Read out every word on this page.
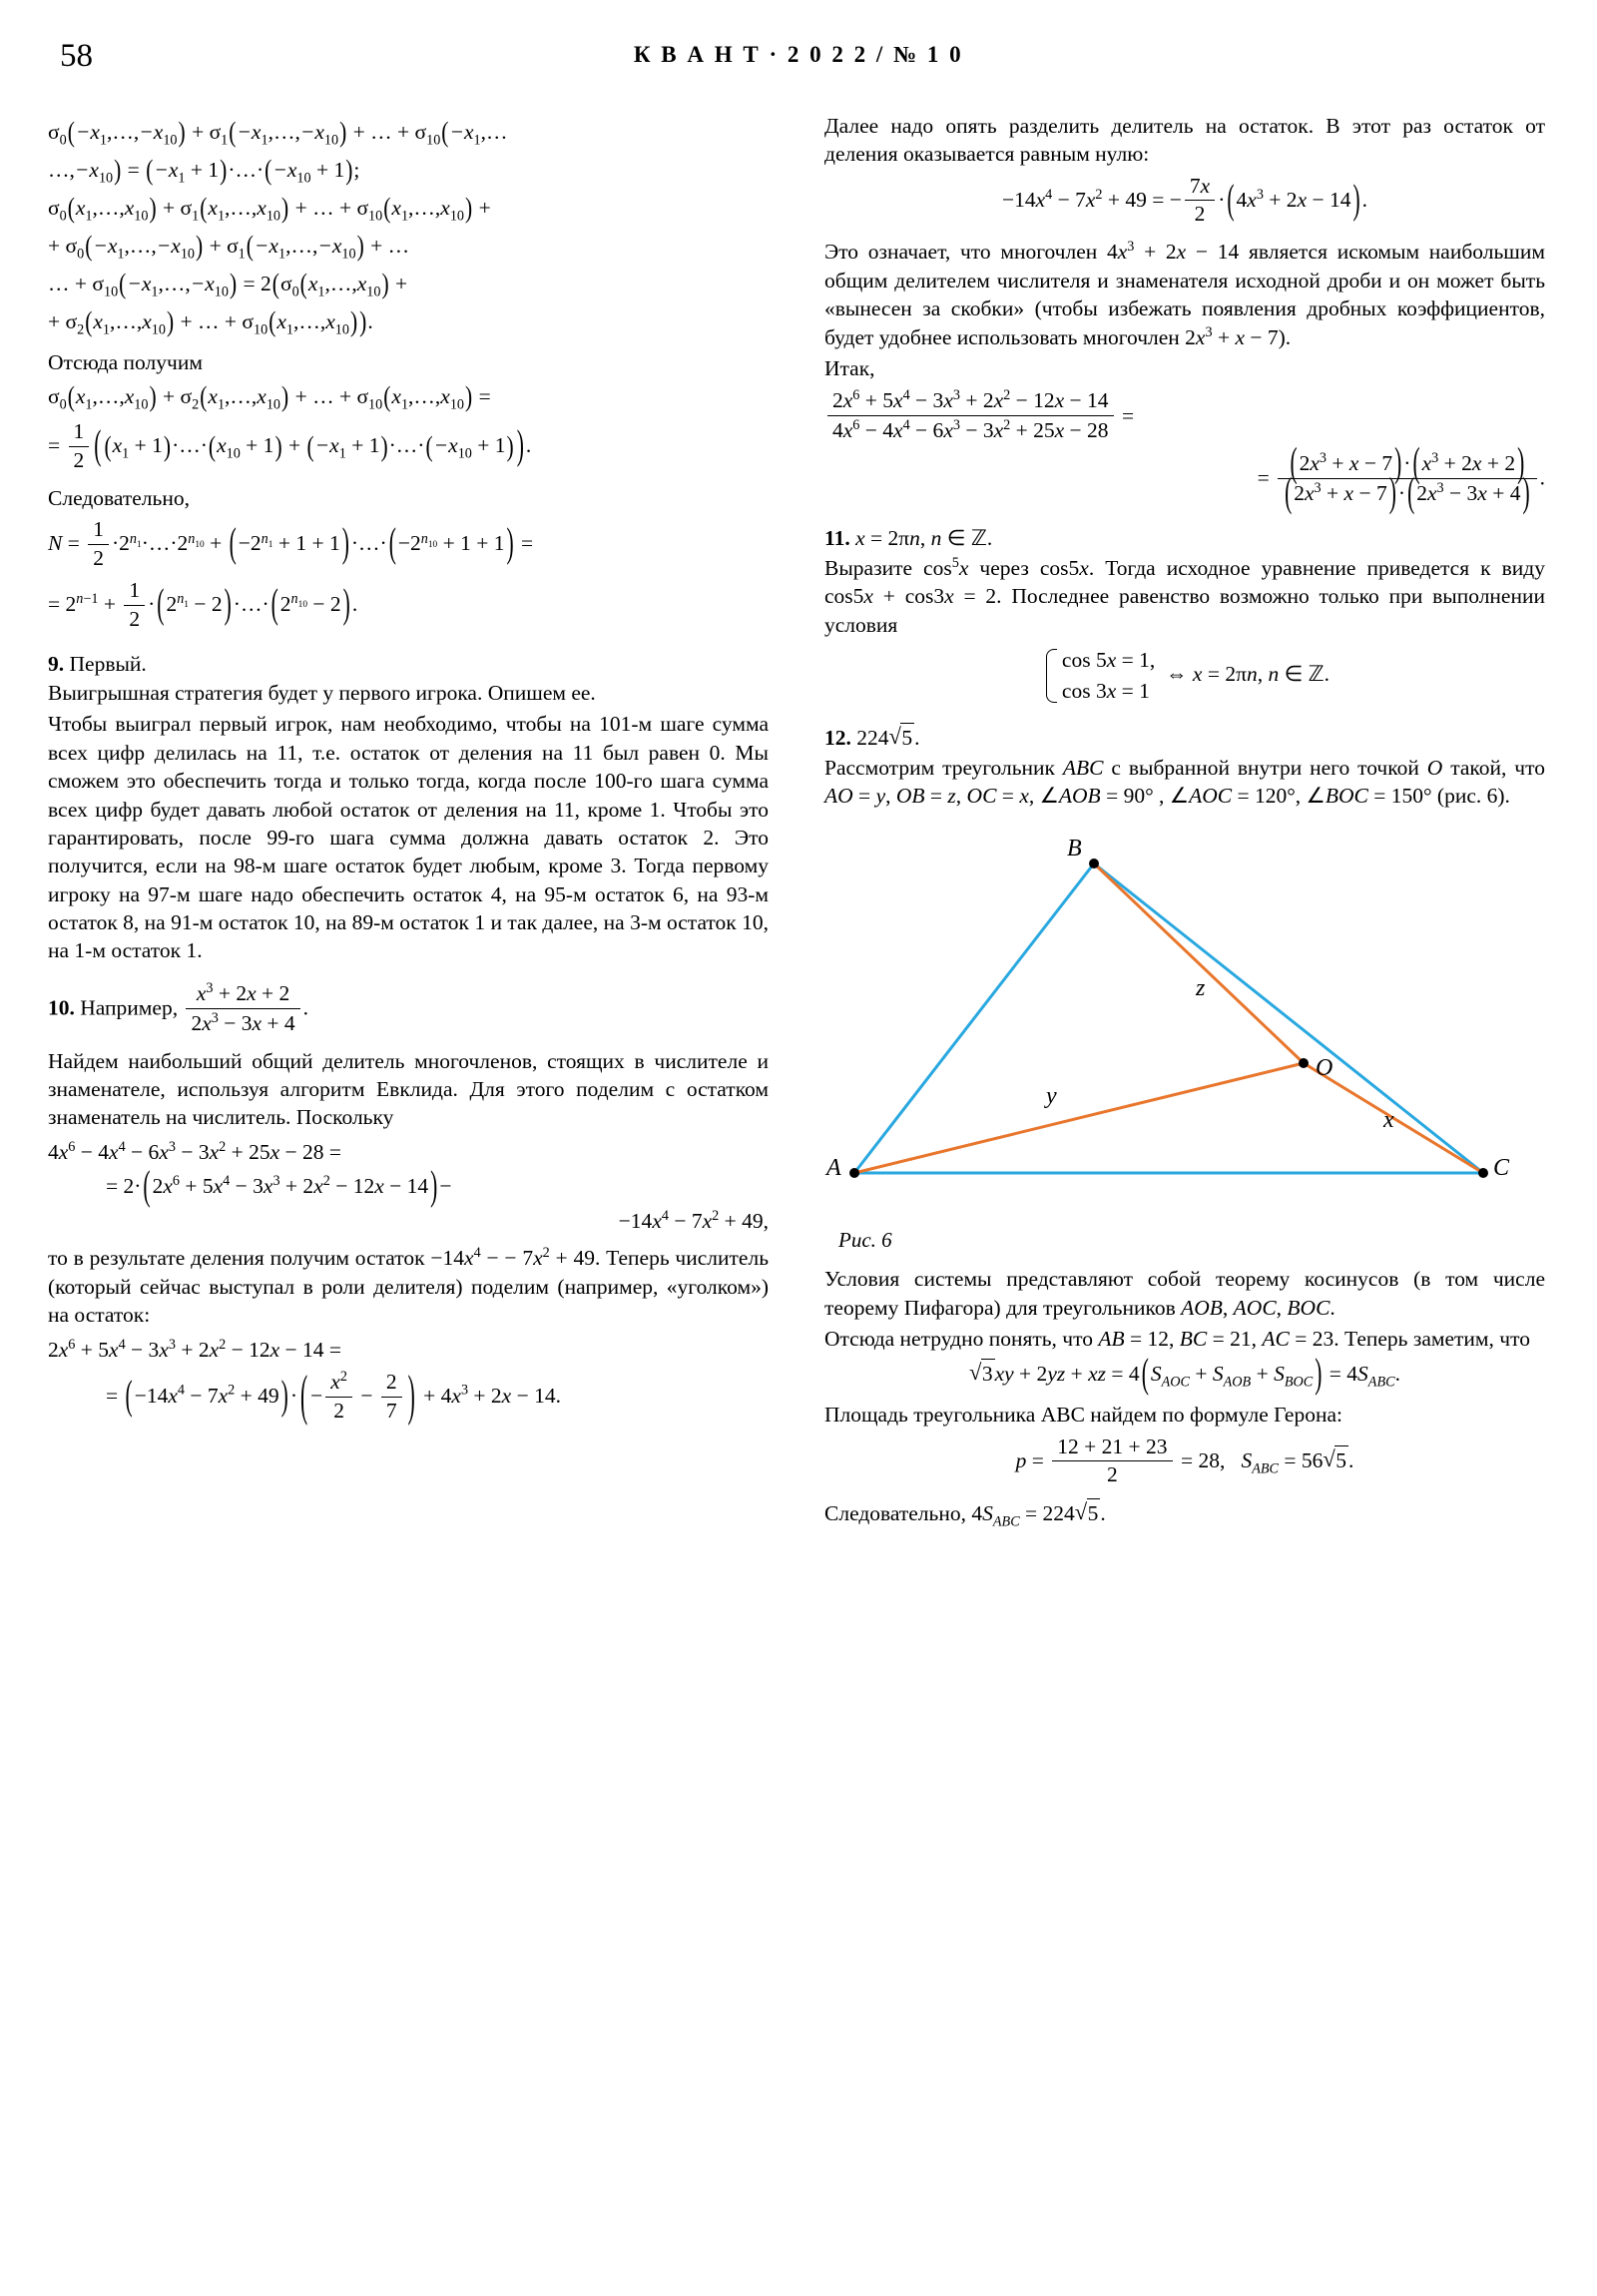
58	К В А Н Т · 2 0 2 2 / № 1 0
$\sigma_0(-x_1,\dots,-x_{10})$ + $\sigma_1(-x_1,\dots,-x_{10})$ + … + $\sigma_{10}(-x_1,\dots$
$\dots,-x_{10}) = (-x_1$ + $1)\cdot\dots\cdot(-x_{10} + 1)$;
$\sigma_0(x_1,\dots,x_{10})$ + $\sigma_1(x_1,\dots,x_{10})$ + … + $\sigma_{10}(x_1,\dots,x_{10})$ +
+ $\sigma_0(-x_1,\dots,-x_{10})$ + $\sigma_1(-x_1,\dots,-x_{10})$ + …
… + $\sigma_{10}(-x_1,\dots,-x_{10})$ = $2(\sigma_0(x_1,\dots,x_{10})$ +
+ $\sigma_2(x_1,\dots,x_{10})$ + … + $\sigma_{10}(x_1,\dots,x_{10})$).

Отсюда получим

$\sigma_0(x_1,\dots,x_{10})$ + $\sigma_2(x_1,\dots,x_{10})$ + … + $\sigma_{10}(x_1,\dots,x_{10})$ =
= $\frac{1}{2}$ ( ($x_1$ + $1)\cdot\dots\cdot(x_{10} + 1) + (-x_1$ + $1)\cdot\dots\cdot(-x_{10} + 1)$ ).

Следовательно,

$N = \frac{1}{2}$ $\cdot 2^{n_1}\cdot\dots\cdot 2^{n_{10}} + (-2^{n_1} + 1$ + $1)\cdot\dots\cdot(-2^{n_{10}} + 1 + 1)$ =
= $2^{n-1} + \frac{1}{2} \cdot(2^{n_1}$ − $2)\cdot\dots\cdot(2^{n_{10}} - 2)$.

9. Первый.

Выигрышная стратегия будет у первого игрока. Опишем ее.

Чтобы выиграл первый игрок, нам необходимо, чтобы на 101-м шаге сумма всех цифр делилась на 11, т.е. остаток от деления на 11 был равен 0. Мы сможем это обеспечить тогда и только тогда, когда после 100-го шага сумма всех цифр будет давать любой остаток от деления на 11, кроме 1. Чтобы это гарантировать, после 99-го шага сумма должна давать остаток 2. Это получится, если на 98-м шаге остаток будет любым, кроме 3. Тогда первому игроку на 97-м шаге надо обеспечить остаток 4, на 95-м остаток 6, на 93-м остаток 8, на 91-м остаток 10, на 89-м остаток 1 и так далее, на 3-м остаток 10, на 1-м остаток 1.

10. Например, $\frac{x^3 + 2x + 2}{2x^3 - 3x + 4}$ .

Найдем наибольший общий делитель многочленов, стоящих в числителе и знаменателе, используя алгоритм Евклида. Для этого поделим с остатком знаменатель на числитель. Поскольку

$4x^6 - 4x^4 - 6x^3 - 3x^2 + 25x - 28$ =
= $2\cdot(2x^6 + 5x^4 - 3x^3 + 2x^2 - 12x - 14)-$
$-14x^4 - 7x^2 + 49$,

то в результате деления получим остаток $-14x^4$ − − $7x^2 + 49$. Теперь числитель (который сейчас выступал в роли делителя) поделим (например, «уголком») на остаток:

$2x^6 + 5x^4 - 3x^3 + 2x^2 - 12x - 14$ =
= $(-14x^4 - 7x^2 + 49)\cdot$ ( − $\frac{x^2}{2} - \frac{2}{7}$ ) + $4x^3 + 2x - 14$.

Далее надо опять разделить делитель на остаток. В этот раз остаток от деления оказывается равным нулю:

$-14x^4 - 7x^2 + 49$ = − $\frac{7x}{2} \cdot(4x^3 + 2x - 14)$.

Это означает, что многочлен $4x^3 + 2x - 14$ является искомым наибольшим общим делителем числителя и знаменателя исходной дроби и он может быть «вынесен за скобки» (чтобы избежать появления дробных коэффициентов, будет удобнее использовать многочлен $2x^3 + x - 7$).

Итак,

$\frac{2x^6 + 5x^4 - 3x^3 + 2x^2 - 12x - 14}{4x^6 - 4x^4 - 6x^3 - 3x^2 + 25x - 28}$ =
= $\frac{(2x^3 + x - 7)\cdot(x^3 + 2x + 2)}{(2x^3 + x - 7)\cdot(2x^3 - 3x + 4)}$ .

11. x = 2πn, n ∈ ℤ.

Выразите $\cos^5x$ через cos5x. Тогда исходное уравнение приведется к виду cos5x + cos3x = 2. Последнее равенство возможно только при выполнении условия

cos 5x = 1,
cos 3x = 1  ⇔ x = 2πn, n ∈ ℤ.

12. 224 √ 5.

Рассмотрим треугольник ABC с выбранной внутри него точкой O такой, что AO = y, OB = z, OC = x, ∠AOB = 90° , ∠AOC = 120°, ∠BOC = 150° (рис. 6).

A
B
C
O
z
y
x
Рис. 6

Условия системы представляют собой теорему косинусов (в том числе теорему Пифагора) для треугольников AOB, AOC, BOC.

Отсюда нетрудно понять, что AB = 12, BC = 21, AC = 23. Теперь заметим, что

√ 3xy + 2yz + xz = $4(S_{AOC} + S_{AOB} + S_{BOC}) = 4S_{ABC}$.

Площадь треугольника ABC найдем по формуле Герона:

$p = \frac{12 + 21 + 23}{2} = 28$,   $S_{ABC} = 56$ √ 5.

Следовательно, $4S_{ABC} = 224$ √ 5.
